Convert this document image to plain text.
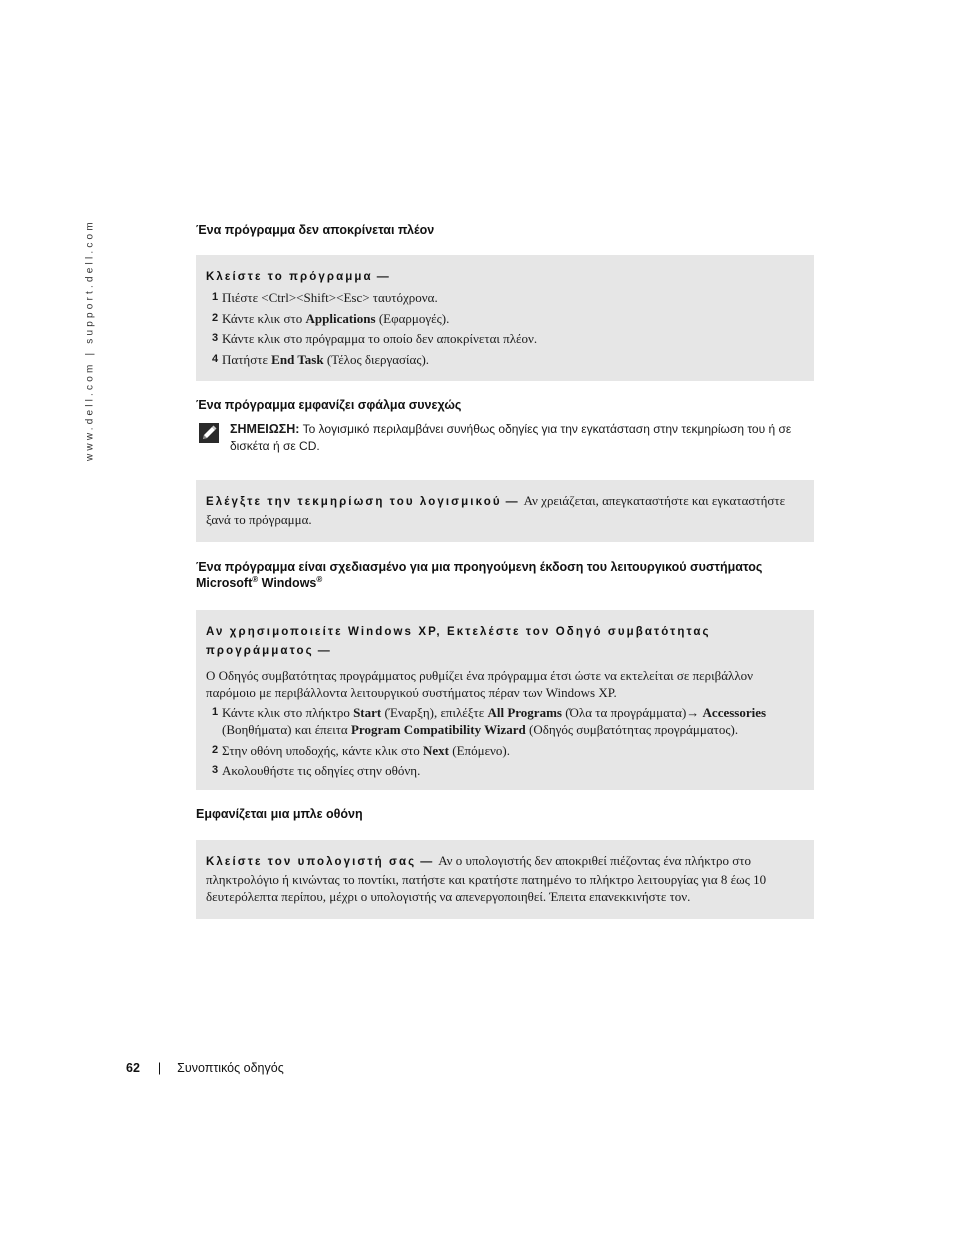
www.dell.com | support.dell.com	Ένα πρόγραμμα δεν αποκρίνεται πλέον
Κλείστε το πρόγραμμα —
1 Πιέστε <Ctrl><Shift><Esc> ταυτόχρονα.
2 Κάντε κλικ στο Applications (Εφαρμογές).
3 Κάντε κλικ στο πρόγραμμα το οποίο δεν αποκρίνεται πλέον.
4 Πατήστε End Task (Τέλος διεργασίας).
Ένα πρόγραμμα εμφανίζει σφάλμα συνεχώς
ΣΗΜΕΙΩΣΗ: Το λογισμικό περιλαμβάνει συνήθως οδηγίες για την εγκατάσταση στην τεκμηρίωση του ή σε δισκέτα ή σε CD.
Ελέγξτε την τεκμηρίωση του λογισμικού — Αν χρειάζεται, απεγκαταστήστε και εγκαταστήστε ξανά το πρόγραμμα.
Ένα πρόγραμμα είναι σχεδιασμένο για μια προηγούμενη έκδοση του λειτουργικού συστήματος
Microsoft® Windows®
Αν χρησιμοποιείτε Windows XP, Εκτελέστε τον Οδηγό συμβατότητας προγράμματος —
Ο Οδηγός συμβατότητας προγράμματος ρυθμίζει ένα πρόγραμμα έτσι ώστε να εκτελείται σε περιβάλλον παρόμοιο με περιβάλλοντα λειτουργικού συστήματος πέραν των Windows XP.
1 Κάντε κλικ στο πλήκτρο Start (Έναρξη), επιλέξτε All Programs (Όλα τα προγράμματα)→ Accessories (Βοηθήματα) και έπειτα Program Compatibility Wizard (Οδηγός συμβατότητας προγράμματος).
2 Στην οθόνη υποδοχής, κάντε κλικ στο Next (Επόμενο).
3 Ακολουθήστε τις οδηγίες στην οθόνη.
Εμφανίζεται μια μπλε οθόνη
Κλείστε τον υπολογιστή σας — Αν ο υπολογιστής δεν αποκριθεί πιέζοντας ένα πλήκτρο στο πληκτρολόγιο ή κινώντας το ποντίκι, πατήστε και κρατήστε πατημένο το πλήκτρο λειτουργίας για 8 έως 10 δευτερόλεπτα περίπου, μέχρι ο υπολογιστής να απενεργοποιηθεί. Έπειτα επανεκκινήστε τον.
62 | Συνοπτικός οδηγός
